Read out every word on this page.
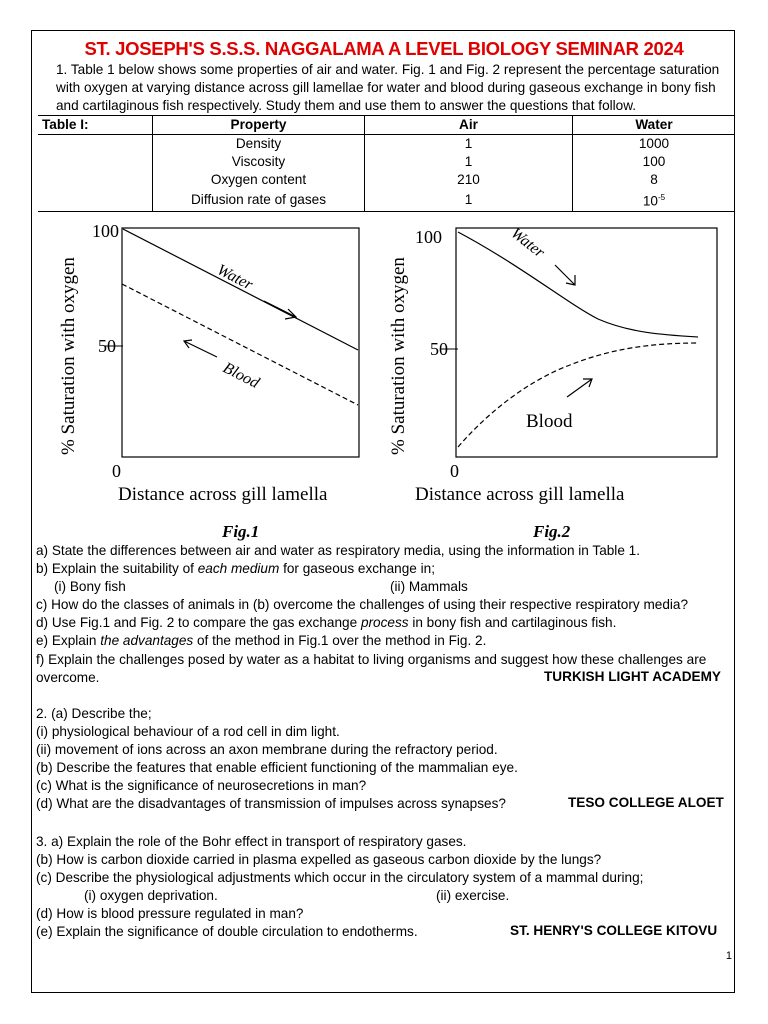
ST. JOSEPH'S S.S.S. NAGGALAMA A LEVEL BIOLOGY SEMINAR 2024
1. Table 1 below shows some properties of air and water. Fig. 1 and Fig. 2 represent the percentage saturation with oxygen at varying distance across gill lamellae for water and blood during gaseous exchange in bony fish and cartilaginous fish respectively. Study them and use them to answer the questions that follow.
Table I:	Property	Air	Water
	Density	1	1000
	Viscosity	1	100
	Oxygen content	210	8
	Diffusion rate of gases	1	$10^{-5}$
% Saturation with oxygen
100
50
0
Water
Blood
Distance across gill lamella
Fig.1
% Saturation with oxygen
100
50
0
Water
Blood
Distance across gill lamella
Fig.2
a) State the differences between air and water as respiratory media, using the information in Table 1.
b) Explain the suitability of each medium for gaseous exchange in;
(i) Bony fish	(ii) Mammals
c) How do the classes of animals in (b) overcome the challenges of using their respective respiratory media?
d) Use Fig.1 and Fig. 2 to compare the gas exchange process in bony fish and cartilaginous fish.
e) Explain the advantages of the method in Fig.1 over the method in Fig. 2.
f) Explain the challenges posed by water as a habitat to living organisms and suggest how these challenges are
overcome.	TURKISH LIGHT ACADEMY
2. (a) Describe the;
(i) physiological behaviour of a rod cell in dim light.
(ii) movement of ions across an axon membrane during the refractory period.
(b) Describe the features that enable efficient functioning of the mammalian eye.
(c) What is the significance of neurosecretions in man?
(d) What are the disadvantages of transmission of impulses across synapses?	TESO COLLEGE ALOET
3. a) Explain the role of the Bohr effect in transport of respiratory gases.
(b) How is carbon dioxide carried in plasma expelled as gaseous carbon dioxide by the lungs?
(c) Describe the physiological adjustments which occur in the circulatory system of a mammal during;
(i) oxygen deprivation.	(ii) exercise.
(d) How is blood pressure regulated in man?
(e) Explain the significance of double circulation to endotherms.	ST. HENRY'S COLLEGE KITOVU
1
